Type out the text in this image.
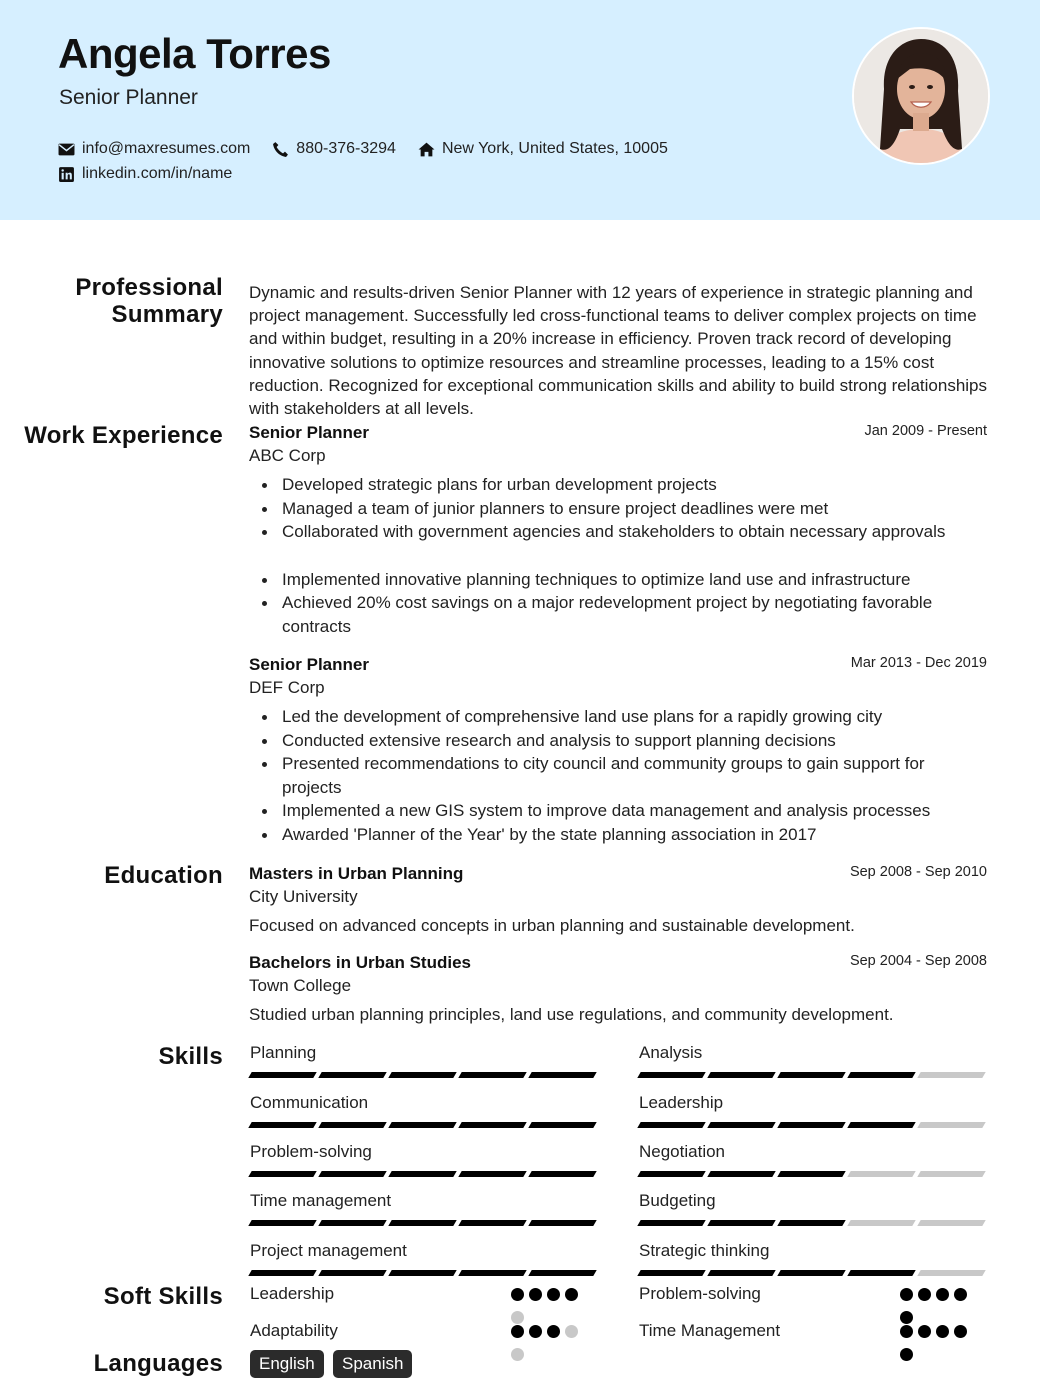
Angela Torres
Senior Planner
info@maxresumes.com	880-376-3294	New York, United States, 10005
linkedin.com/in/name
Professional Summary

Dynamic and results-driven Senior Planner with 12 years of experience in strategic planning and project management. Successfully led cross-functional teams to deliver complex projects on time and within budget, resulting in a 20% increase in efficiency. Proven track record of developing innovative solutions to optimize resources and streamline processes, leading to a 15% cost reduction. Recognized for exceptional communication skills and ability to build strong relationships with stakeholders at all levels.

Work Experience Senior Planner	Jan 2009 - Present
ABC Corp
Developed strategic plans for urban development projects
Managed a team of junior planners to ensure project deadlines were met
Collaborated with government agencies and stakeholders to obtain necessary approvals
Implemented innovative planning techniques to optimize land use and infrastructure
Achieved 20% cost savings on a major redevelopment project by negotiating favorable contracts
Senior Planner	Mar 2013 - Dec 2019
DEF Corp
Led the development of comprehensive land use plans for a rapidly growing city
Conducted extensive research and analysis to support planning decisions
Presented recommendations to city council and community groups to gain support for projects
Implemented a new GIS system to improve data management and analysis processes
Awarded 'Planner of the Year' by the state planning association in 2017
Education Masters in Urban Planning	Sep 2008 - Sep 2010
City University

Focused on advanced concepts in urban planning and sustainable development.

Bachelors in Urban Studies	Sep 2004 - Sep 2008
Town College

Studied urban planning principles, land use regulations, and community development.

Skills Planning	Analysis
Communication	Leadership
Problem-solving	Negotiation
Time management	Budgeting
Project management	Strategic thinking
Soft Skills Leadership	Problem-solving
Adaptability	Time Management
Languages	English	Spanish
